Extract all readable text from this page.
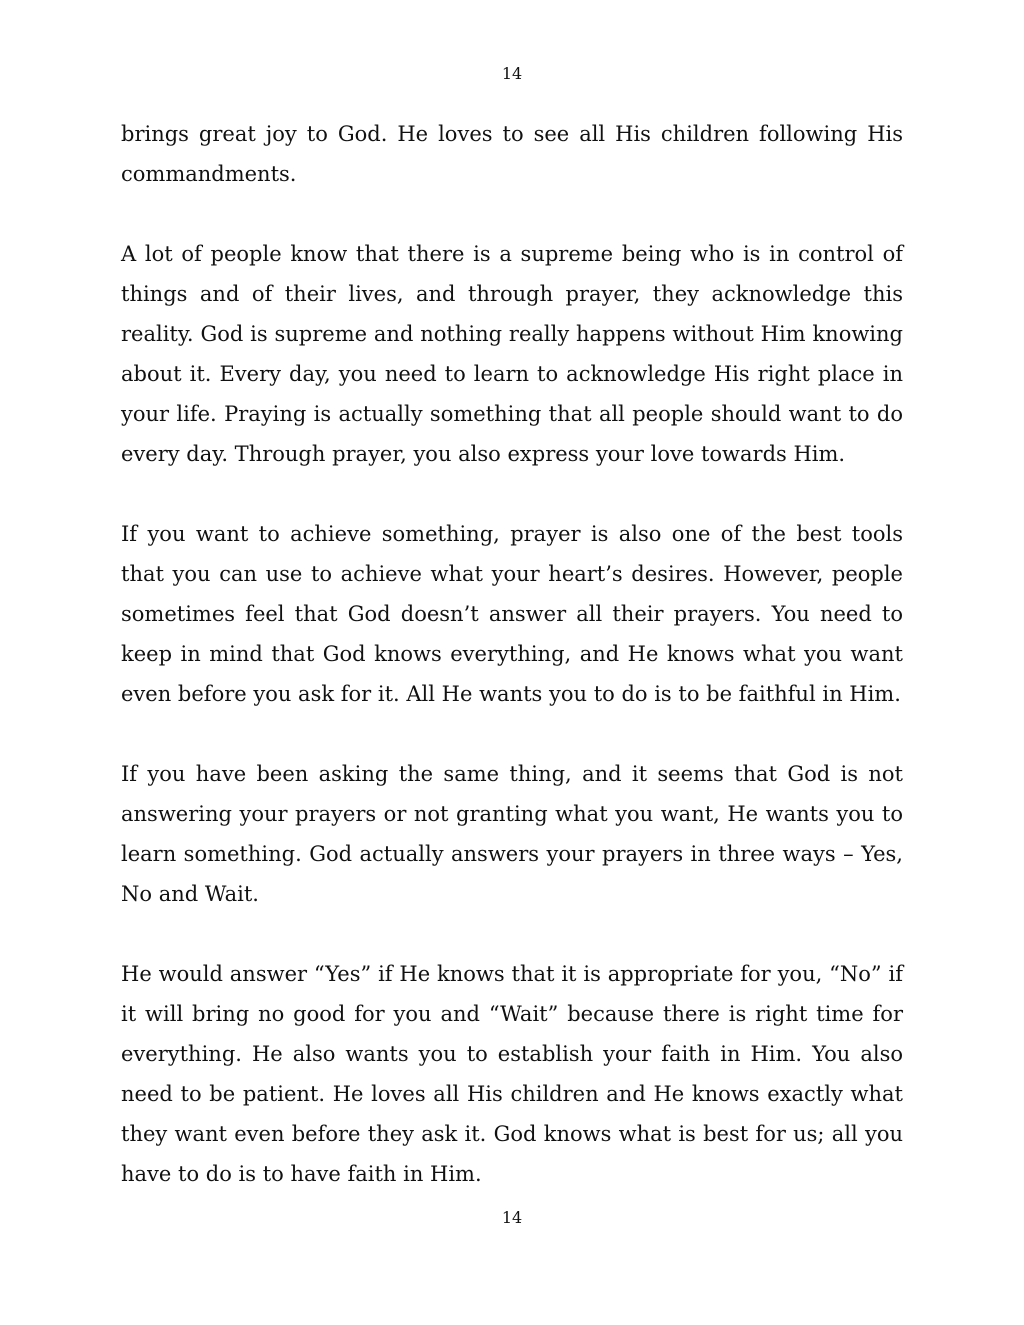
14

brings great joy to God. He loves to see all His children following His commandments.

A lot of people know that there is a supreme being who is in control of things and of their lives, and through prayer, they acknowledge this reality. God is supreme and nothing really happens without Him knowing about it. Every day, you need to learn to acknowledge His right place in your life. Praying is actually something that all people should want to do every day. Through prayer, you also express your love towards Him.

If you want to achieve something, prayer is also one of the best tools that you can use to achieve what your heart’s desires. However, people sometimes feel that God doesn’t answer all their prayers. You need to keep in mind that God knows everything, and He knows what you want even before you ask for it. All He wants you to do is to be faithful in Him.

If you have been asking the same thing, and it seems that God is not answering your prayers or not granting what you want, He wants you to learn something. God actually answers your prayers in three ways – Yes, No and Wait.

He would answer “Yes” if He knows that it is appropriate for you, “No” if it will bring no good for you and “Wait” because there is right time for everything. He also wants you to establish your faith in Him. You also need to be patient. He loves all His children and He knows exactly what they want even before they ask it. God knows what is best for us; all you have to do is to have faith in Him.

14
